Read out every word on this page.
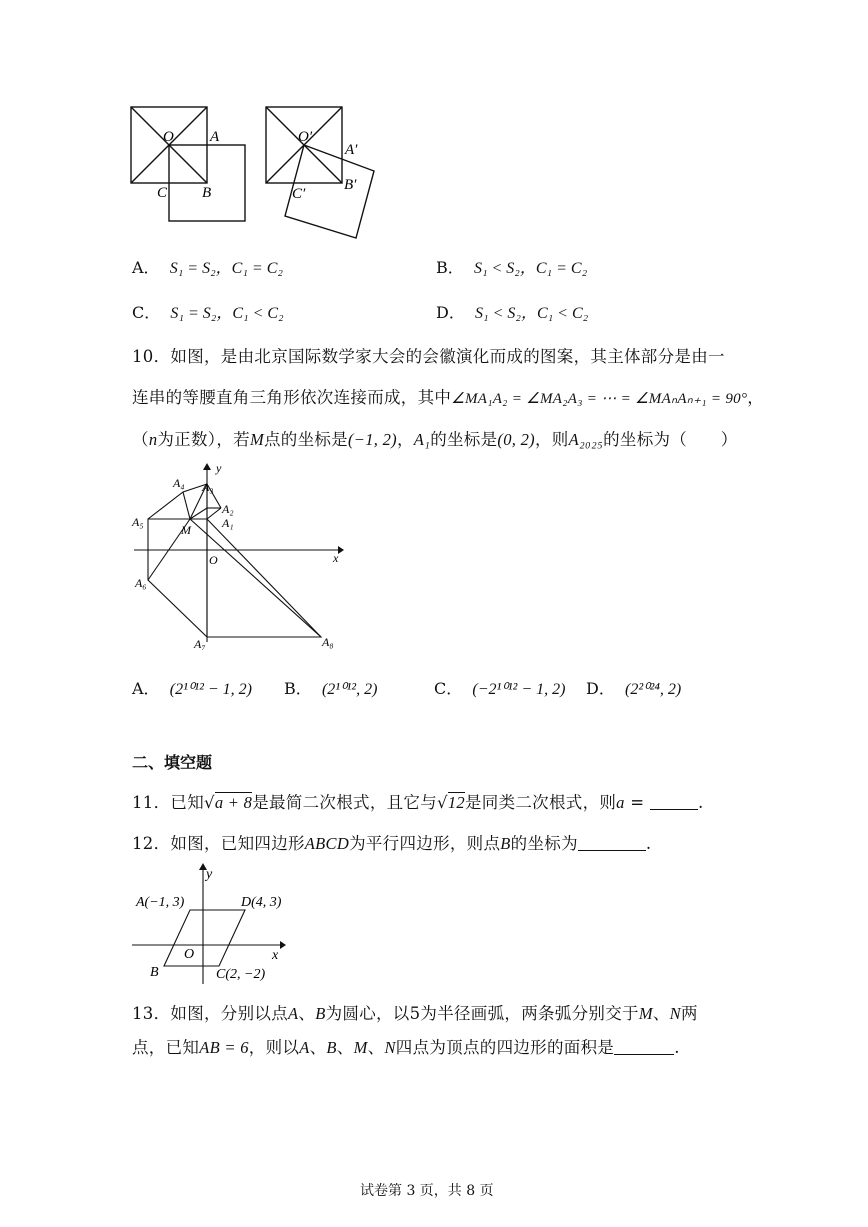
O A
C B
O′
A′
C′
B′
A． S₁ = S₂，C₁ = C₂	B． S₁ < S₂，C₁ = C₂
C． S₁ = S₂，C₁ < C₂	D． S₁ < S₂，C₁ < C₂
10．如图，是由北京国际数学家大会的会徽演化而成的图案，其主体部分是由一
连串的等腰直角三角形依次连接而成，其中∠MA₁A₂ = ∠MA₂A₃ = ⋯ = ∠MAₙAₙ₊₁ = 90°，
（n为正数），若M点的坐标是(−1, 2)，A₁的坐标是(0, 2)，则A₂₀₂₅的坐标为（　　）
y
x
O
M	A₁
A₂
A₃
A₄
A₅
A₆
A₇	A₈
A． (2¹⁰¹² − 1, 2) B． (2¹⁰¹², 2)	C． (−2¹⁰¹² − 1, 2) D． (2²⁰²⁴, 2)
二、填空题
11．已知√a + 8是最简二次根式，且它与√12是同类二次根式，则a =	.
12．如图，已知四边形ABCD为平行四边形，则点B的坐标为	.
y
x
O
B
A(−1, 3)	D(4, 3)
C(2, −2)
13．如图，分别以点A、B为圆心，以5为半径画弧，两条弧分别交于M、N两
点，已知AB = 6，则以A、B、M、N四点为顶点的四边形的面积是	.
试卷第 3 页，共 8 页
